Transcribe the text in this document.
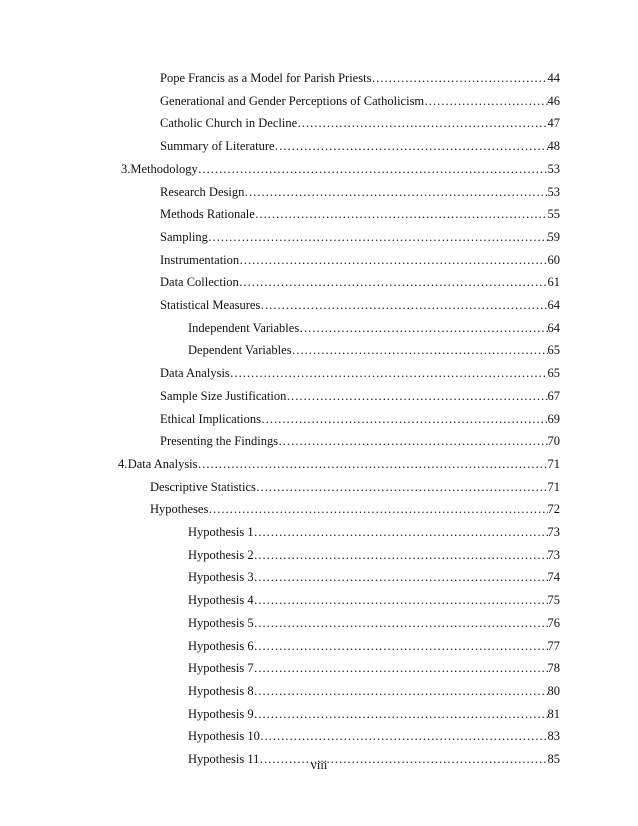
Pope Francis as a Model for Parish Priests ……………………………………………………………………………………………………………………………………………………………………………………………………………………………………………………	44
Generational and Gender Perceptions of Catholicism ……………………………………………………………………………………………………………………………………………………………………………………………………………………………………………………	46
Catholic Church in Decline ……………………………………………………………………………………………………………………………………………………………………………………………………………………………………………………	47
Summary of Literature ……………………………………………………………………………………………………………………………………………………………………………………………………………………………………………………	48
3. Methodology ……………………………………………………………………………………………………………………………………………………………………………………………………………………………………………………	53
Research Design ……………………………………………………………………………………………………………………………………………………………………………………………………………………………………………………	53
Methods Rationale ……………………………………………………………………………………………………………………………………………………………………………………………………………………………………………………	55
Sampling ……………………………………………………………………………………………………………………………………………………………………………………………………………………………………………………	59
Instrumentation ……………………………………………………………………………………………………………………………………………………………………………………………………………………………………………………	60
Data Collection ……………………………………………………………………………………………………………………………………………………………………………………………………………………………………………………	61
Statistical Measures ……………………………………………………………………………………………………………………………………………………………………………………………………………………………………………………	64
Independent Variables ……………………………………………………………………………………………………………………………………………………………………………………………………………………………………………………	64
Dependent Variables ……………………………………………………………………………………………………………………………………………………………………………………………………………………………………………………	65
Data Analysis ……………………………………………………………………………………………………………………………………………………………………………………………………………………………………………………	65
Sample Size Justification ……………………………………………………………………………………………………………………………………………………………………………………………………………………………………………………	67
Ethical Implications ……………………………………………………………………………………………………………………………………………………………………………………………………………………………………………………	69
Presenting the Findings ……………………………………………………………………………………………………………………………………………………………………………………………………………………………………………………	70
4. Data Analysis ……………………………………………………………………………………………………………………………………………………………………………………………………………………………………………………	71
Descriptive Statistics ……………………………………………………………………………………………………………………………………………………………………………………………………………………………………………………	71
Hypotheses ……………………………………………………………………………………………………………………………………………………………………………………………………………………………………………………	72
Hypothesis 1 ……………………………………………………………………………………………………………………………………………………………………………………………………………………………………………………	73
Hypothesis 2 ……………………………………………………………………………………………………………………………………………………………………………………………………………………………………………………	73
Hypothesis 3 ……………………………………………………………………………………………………………………………………………………………………………………………………………………………………………………	74
Hypothesis 4 ……………………………………………………………………………………………………………………………………………………………………………………………………………………………………………………	75
Hypothesis 5 ……………………………………………………………………………………………………………………………………………………………………………………………………………………………………………………	76
Hypothesis 6 ……………………………………………………………………………………………………………………………………………………………………………………………………………………………………………………	77
Hypothesis 7 ……………………………………………………………………………………………………………………………………………………………………………………………………………………………………………………	78
Hypothesis 8 ……………………………………………………………………………………………………………………………………………………………………………………………………………………………………………………	80
Hypothesis 9 ……………………………………………………………………………………………………………………………………………………………………………………………………………………………………………………	81
Hypothesis 10 ……………………………………………………………………………………………………………………………………………………………………………………………………………………………………………………	83
Hypothesis 11 ……………………………………………………………………………………………………………………………………………………………………………………………………………………………………………………	85
viii
